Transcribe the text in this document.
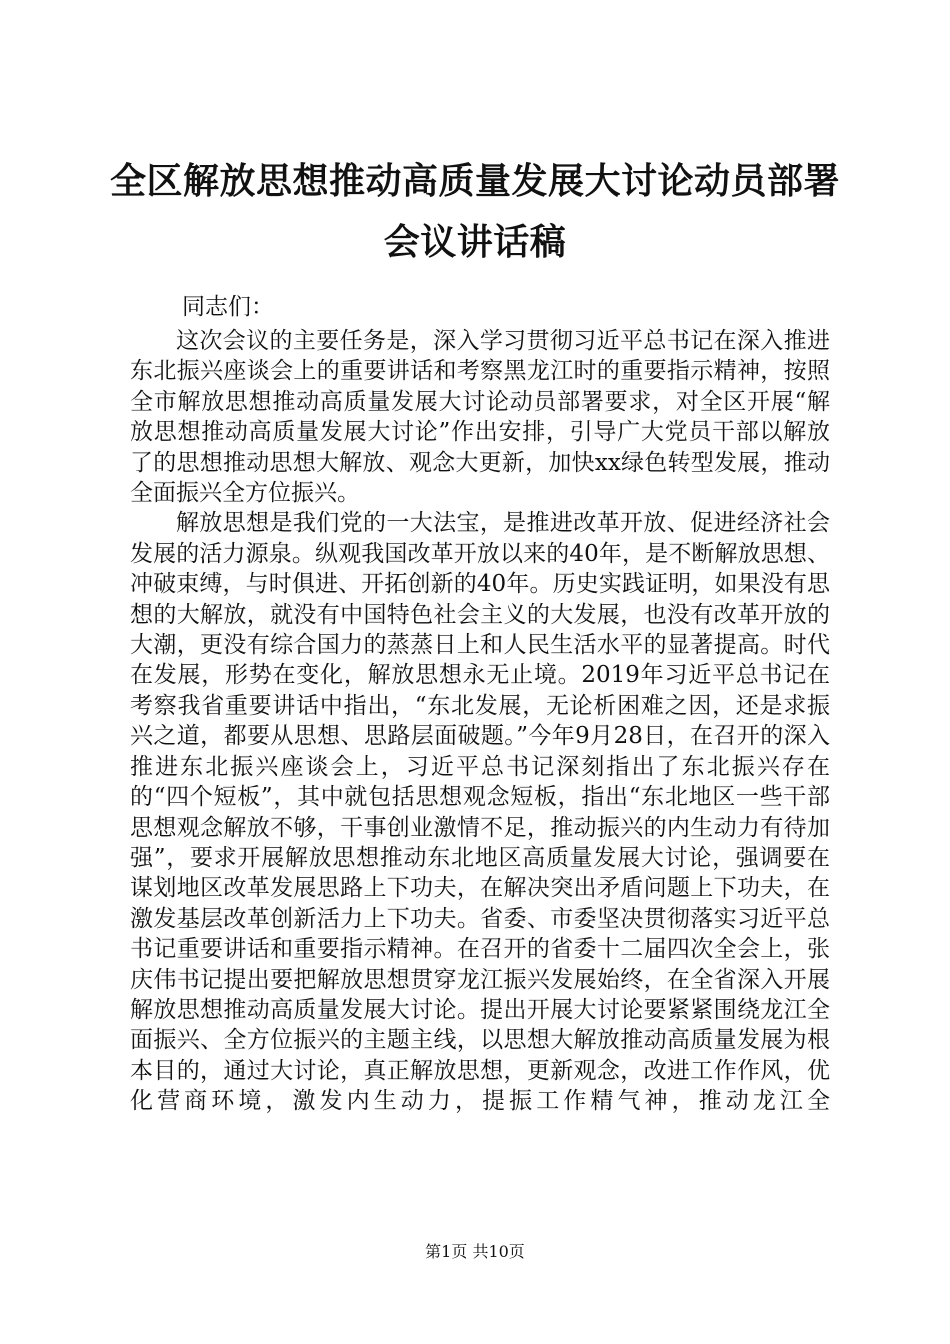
全区解放思想推动高质量发展大讨论动员部署
会议讲话稿
同志们：

这次会议的主要任务是，深入学习贯彻习近平总书记在深入推进东北振兴座谈会上的重要讲话和考察黑龙江时的重要指示精神，按照全市解放思想推动高质量发展大讨论动员部署要求，对全区开展“解放思想推动高质量发展大讨论”作出安排，引导广大党员干部以解放了的思想推动思想大解放、观念大更新，加快xx绿色转型发展，推动全面振兴全方位振兴。

解放思想是我们党的一大法宝，是推进改革开放、促进经济社会发展的活力源泉。纵观我国改革开放以来的40年，是不断解放思想、冲破束缚，与时俱进、开拓创新的40年。历史实践证明，如果没有思想的大解放，就没有中国特色社会主义的大发展，也没有改革开放的大潮，更没有综合国力的蒸蒸日上和人民生活水平的显著提高。时代在发展，形势在变化，解放思想永无止境。2019年习近平总书记在考察我省重要讲话中指出，“东北发展，无论析困难之因，还是求振兴之道，都要从思想、思路层面破题。”今年9月28日，在召开的深入推进东北振兴座谈会上，习近平总书记深刻指出了东北振兴存在的“四个短板”，其中就包括思想观念短板，指出“东北地区一些干部思想观念解放不够，干事创业激情不足，推动振兴的内生动力有待加强”，要求开展解放思想推动东北地区高质量发展大讨论，强调要在谋划地区改革发展思路上下功夫，在解决突出矛盾问题上下功夫，在激发基层改革创新活力上下功夫。省委、市委坚决贯彻落实习近平总书记重要讲话和重要指示精神。在召开的省委十二届四次全会上，张庆伟书记提出要把解放思想贯穿龙江振兴发展始终，在全省深入开展解放思想推动高质量发展大讨论。提出开展大讨论要紧紧围绕龙江全面振兴、全方位振兴的主题主线，以思想大解放推动高质量发展为根本目的，通过大讨论，真正解放思想，更新观念，改进工作作风，优化营商环境，激发内生动力，提振工作精气神，推动龙江全

第1页 共10页
